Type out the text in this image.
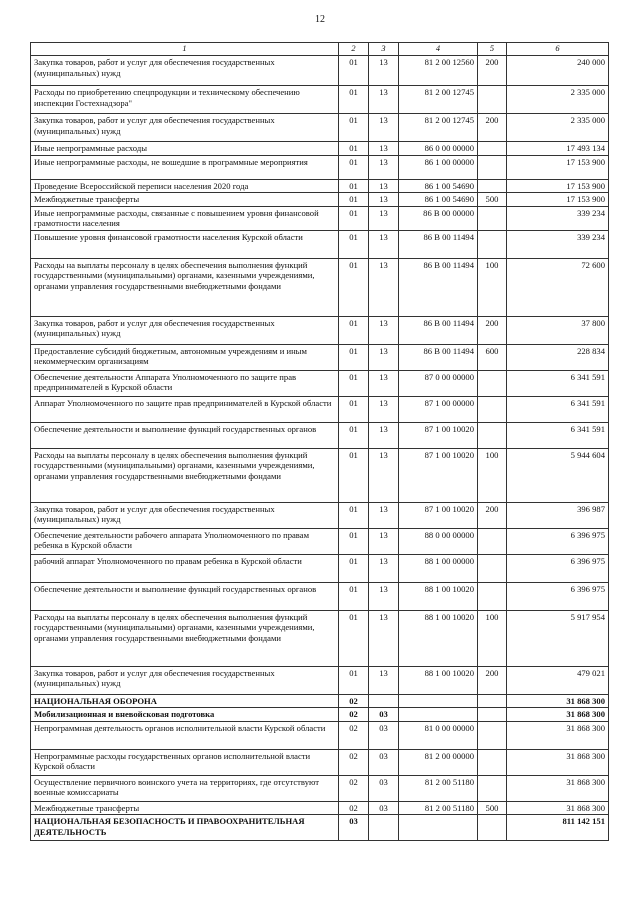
12
1	2	3	4	5	6
Закупка товаров, работ и услуг для обеспечения государственных (муниципальных) нужд	01	13	81 2 00 12560	200	240 000
Расходы по приобретению спецпродукции и техническому обеспечению инспекции Гостехнадзора"	01	13	81 2 00 12745		2 335 000
Закупка товаров, работ и услуг для обеспечения государственных (муниципальных) нужд	01	13	81 2 00 12745	200	2 335 000
Иные непрограммные расходы	01	13	86 0 00 00000		17 493 134
Иные непрограммные расходы, не вошедшие в программные мероприятия	01	13	86 1 00 00000		17 153 900
Проведение Всероссийской переписи населения 2020 года	01	13	86 1 00 54690		17 153 900
Межбюджетные трансферты	01	13	86 1 00 54690	500	17 153 900
Иные непрограммные расходы, связанные с повышением уровня финансовой грамотности населения	01	13	86 В 00 00000		339 234
Повышение уровня финансовой грамотности населения Курской области	01	13	86 В 00 11494		339 234
Расходы на выплаты персоналу в целях обеспечения выполнения функций государственными (муниципальными) органами, казенными учреждениями, органами управления государственными внебюджетными фондами	01	13	86 В 00 11494	100	72 600
Закупка товаров, работ и услуг для обеспечения государственных (муниципальных) нужд	01	13	86 В 00 11494	200	37 800
Предоставление субсидий бюджетным, автономным учреждениям и иным некоммерческим организациям	01	13	86 В 00 11494	600	228 834
Обеспечение деятельности Аппарата Уполномоченного по защите прав предпринимателей в Курской области	01	13	87 0 00 00000		6 341 591
Аппарат Уполномоченного по защите прав предпринимателей в Курской области	01	13	87 1 00 00000		6 341 591
Обеспечение деятельности и выполнение функций государственных органов	01	13	87 1 00 10020		6 341 591
Расходы на выплаты персоналу в целях обеспечения выполнения функций государственными (муниципальными) органами, казенными учреждениями, органами управления государственными внебюджетными фондами	01	13	87 1 00 10020	100	5 944 604
Закупка товаров, работ и услуг для обеспечения государственных (муниципальных) нужд	01	13	87 1 00 10020	200	396 987
Обеспечение деятельности рабочего аппарата Уполномоченного по правам ребенка в Курской области	01	13	88 0 00 00000		6 396 975
рабочий аппарат Уполномоченного по правам ребенка в Курской области	01	13	88 1 00 00000		6 396 975
Обеспечение деятельности и выполнение функций государственных органов	01	13	88 1 00 10020		6 396 975
Расходы на выплаты персоналу в целях обеспечения выполнения функций государственными (муниципальными) органами, казенными учреждениями, органами управления государственными внебюджетными фондами	01	13	88 1 00 10020	100	5 917 954
Закупка товаров, работ и услуг для обеспечения государственных (муниципальных) нужд	01	13	88 1 00 10020	200	479 021
НАЦИОНАЛЬНАЯ ОБОРОНА	02				31 868 300
Мобилизационная и вневойсковая подготовка	02	03			31 868 300
Непрограммная деятельность органов исполнительной власти Курской области	02	03	81 0 00 00000		31 868 300
Непрограммные расходы государственных органов исполнительной власти Курской области	02	03	81 2 00 00000		31 868 300
Осуществление первичного воинского учета на территориях, где отсутствуют военные комиссариаты	02	03	81 2 00 51180		31 868 300
Межбюджетные трансферты	02	03	81 2 00 51180	500	31 868 300
НАЦИОНАЛЬНАЯ БЕЗОПАСНОСТЬ И ПРАВООХРАНИТЕЛЬНАЯ ДЕЯТЕЛЬНОСТЬ	03				811 142 151
